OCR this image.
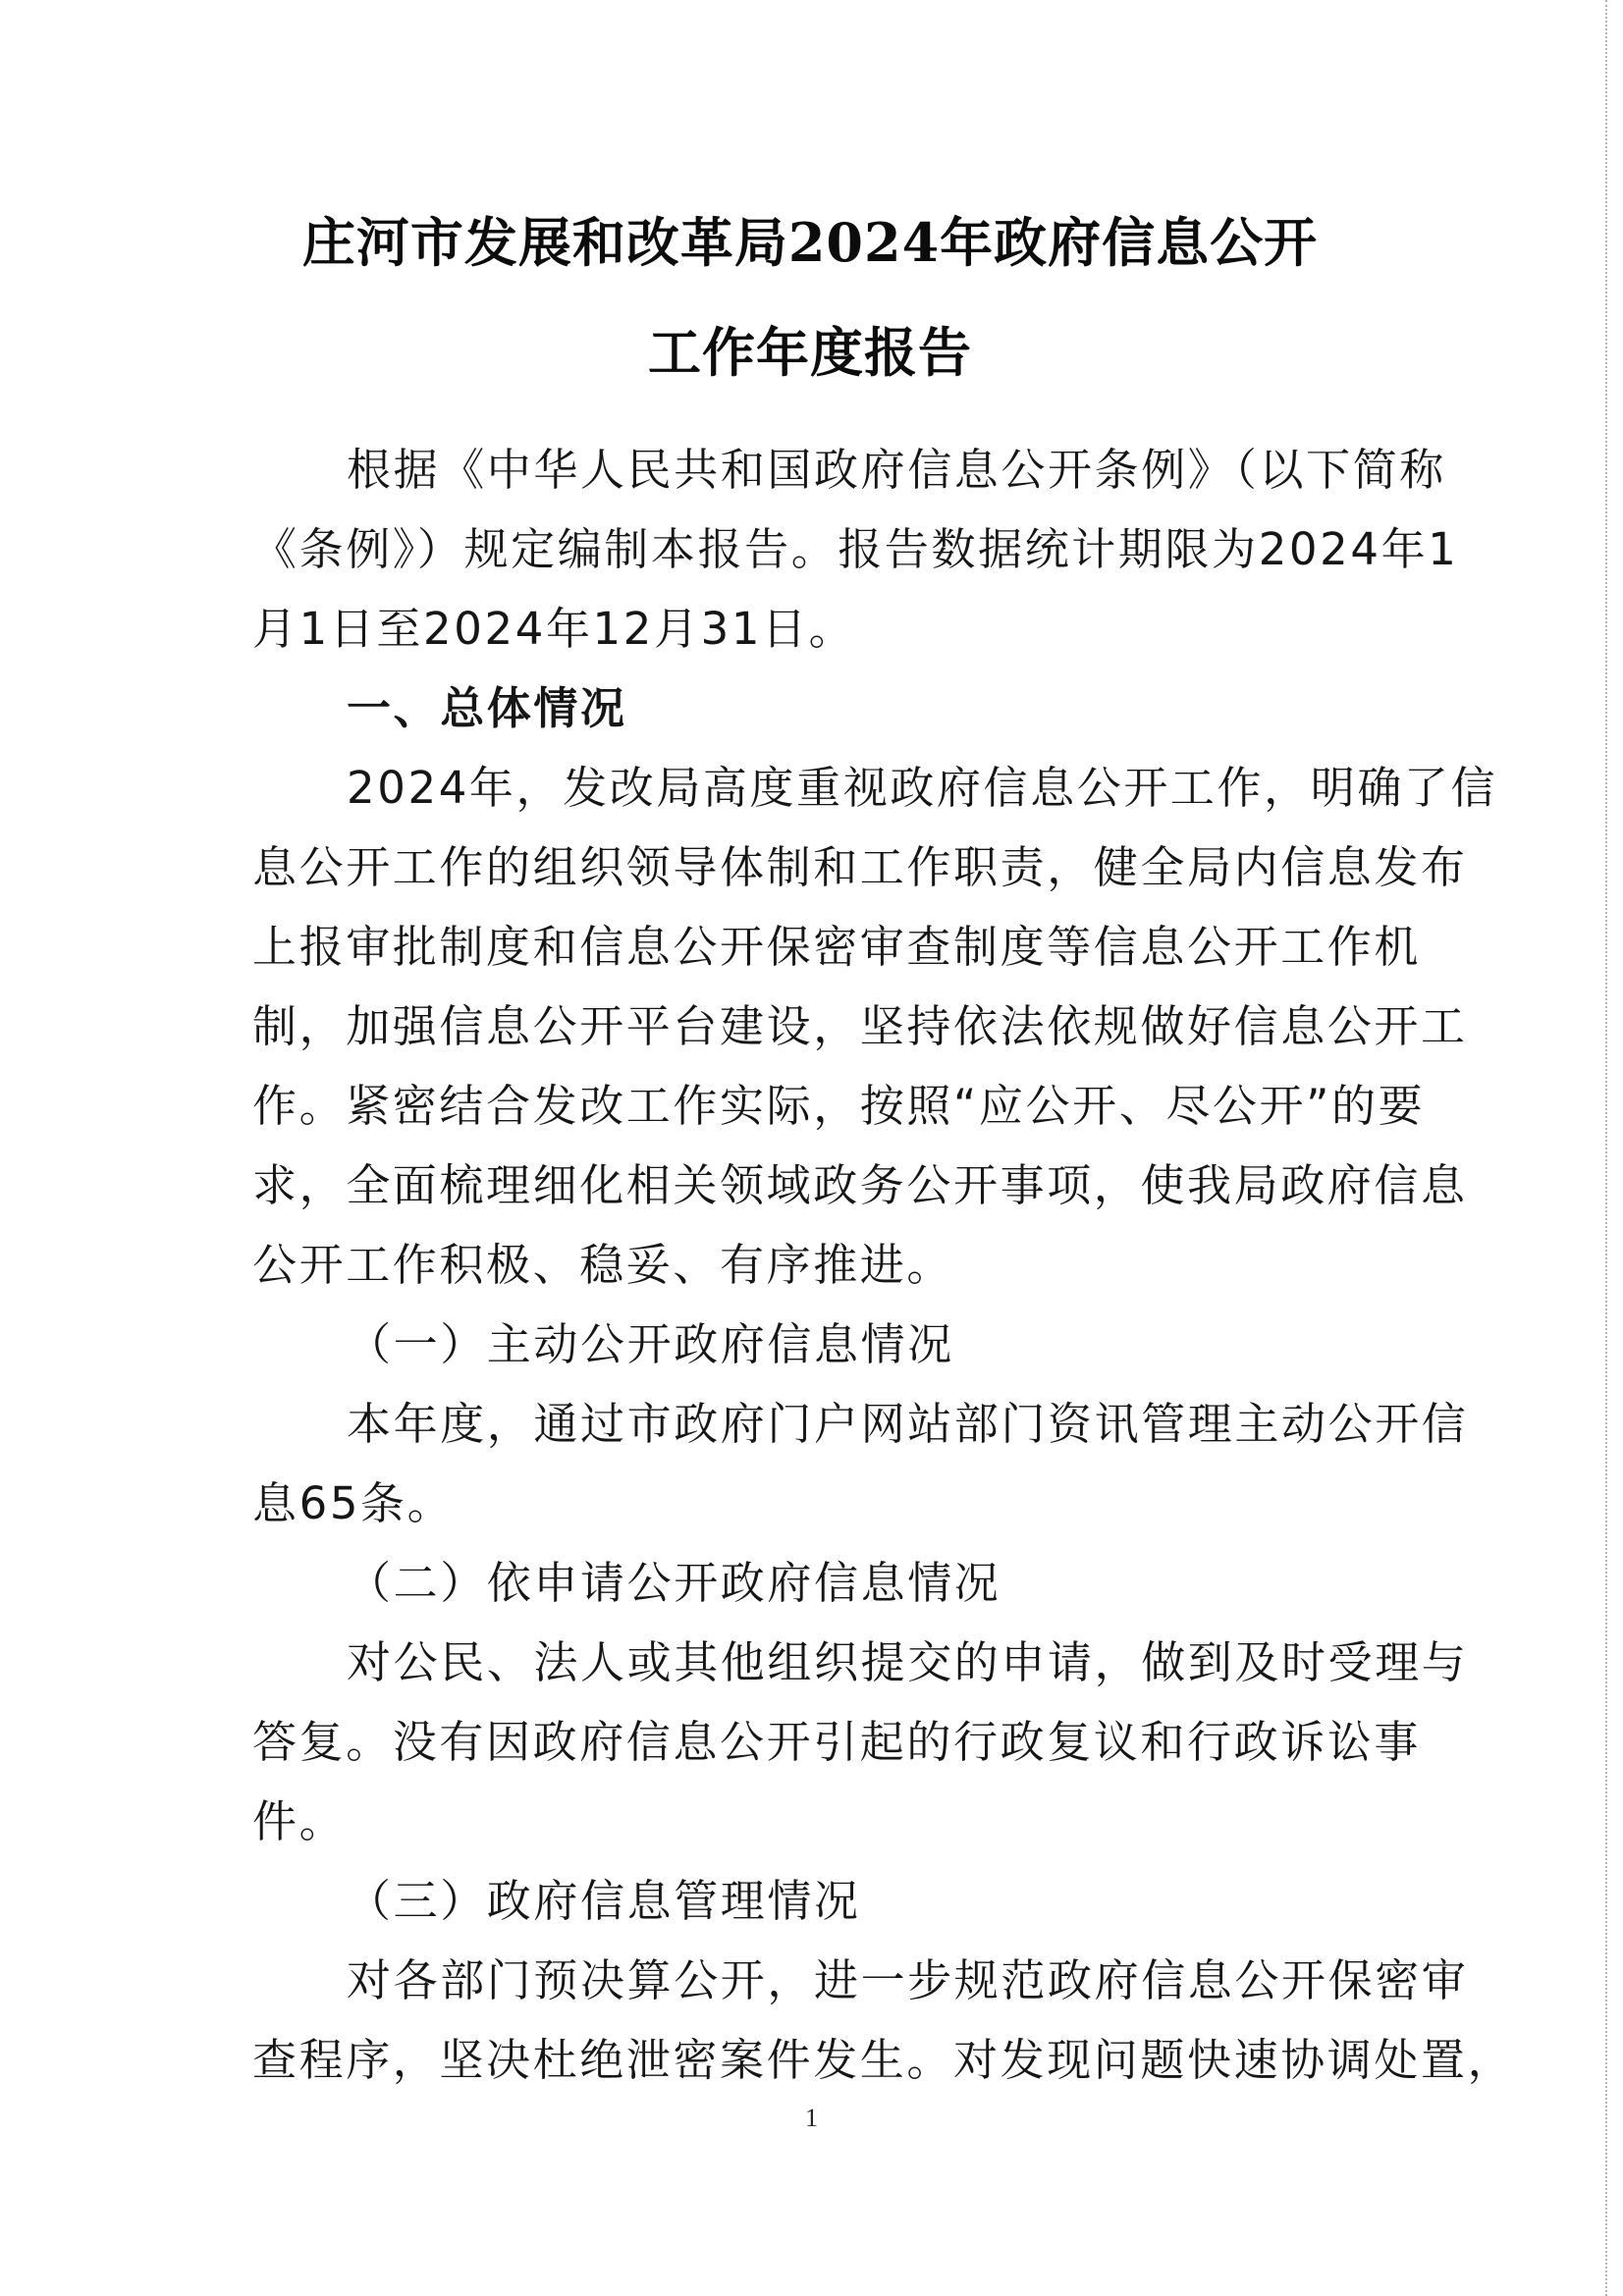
庄河市发展和改革局2024年政府信息公开
工作年度报告
根据《中华人民共和国政府信息公开条例》（以下简称
《条例》）规定编制本报告。报告数据统计期限为2024年1
月1日至2024年12月31日。
一、总体情况
2024年，发改局高度重视政府信息公开工作，明确了信
息公开工作的组织领导体制和工作职责，健全局内信息发布
上报审批制度和信息公开保密审查制度等信息公开工作机
制，加强信息公开平台建设，坚持依法依规做好信息公开工
作。紧密结合发改工作实际，按照“应公开、尽公开”的要
求，全面梳理细化相关领域政务公开事项，使我局政府信息
公开工作积极、稳妥、有序推进。
（一）主动公开政府信息情况
本年度，通过市政府门户网站部门资讯管理主动公开信
息65条。
（二）依申请公开政府信息情况
对公民、法人或其他组织提交的申请，做到及时受理与
答复。没有因政府信息公开引起的行政复议和行政诉讼事
件。
（三）政府信息管理情况
对各部门预决算公开，进一步规范政府信息公开保密审
查程序，坚决杜绝泄密案件发生。对发现问题快速协调处置，
1
